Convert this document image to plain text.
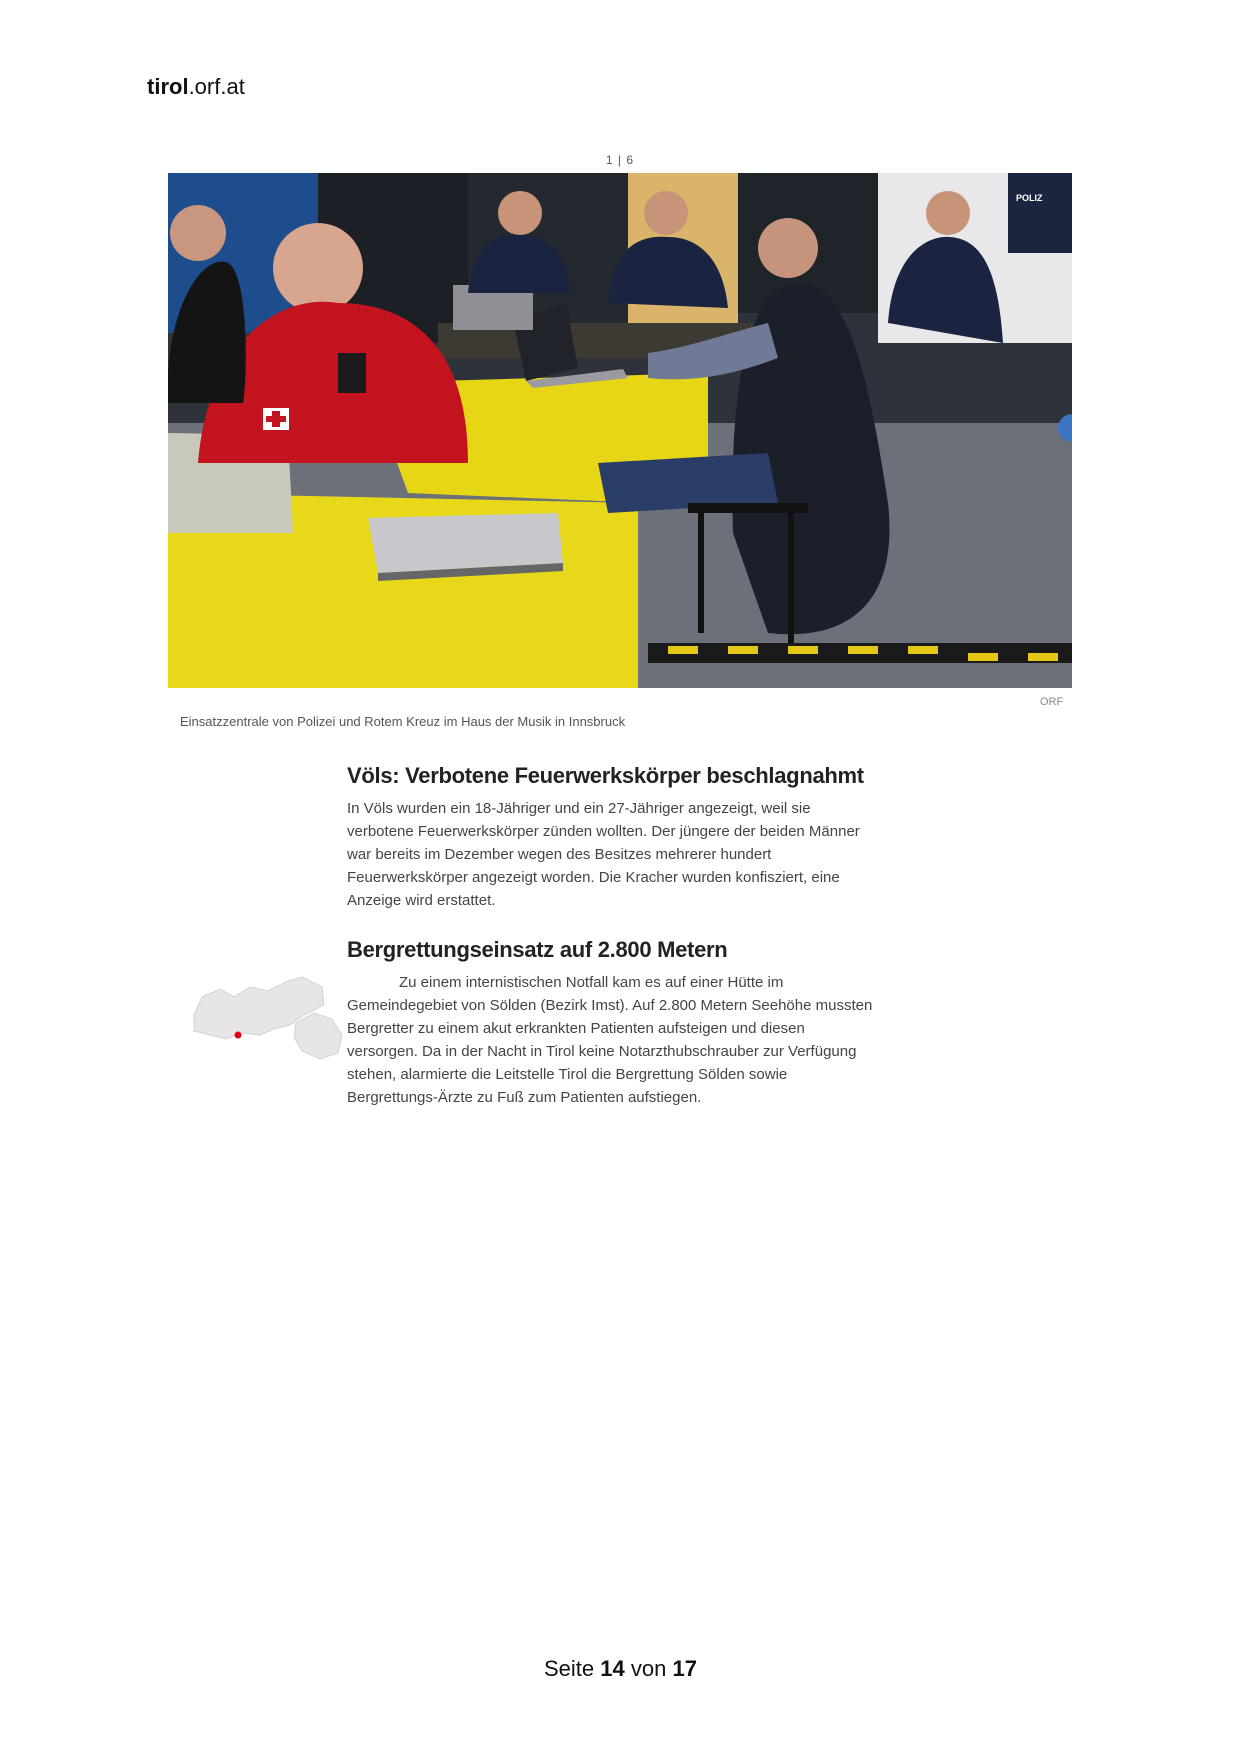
tirol.orf.at
1 | 6
POLIZ
ORF
Einsatzzentrale von Polizei und Rotem Kreuz im Haus der Musik in Innsbruck
Völs: Verbotene Feuerwerkskörper beschlagnahmt

In Völs wurden ein 18-Jähriger und ein 27-Jähriger angezeigt, weil sie verbotene Feuerwerkskörper zünden wollten. Der jüngere der beiden Männer war bereits im Dezember wegen des Besitzes mehrerer hundert Feuerwerkskörper angezeigt worden. Die Kracher wurden konfisziert, eine Anzeige wird erstattet.

Bergrettungseinsatz auf 2.800 Metern

Zu einem internistischen Notfall kam es auf einer Hütte im Gemeindegebiet von Sölden (Bezirk Imst). Auf 2.800 Metern Seehöhe mussten Bergretter zu einem akut erkrankten Patienten aufsteigen und diesen versorgen. Da in der Nacht in Tirol keine Notarzthubschrauber zur Verfügung stehen, alarmierte die Leitstelle Tirol die Bergrettung Sölden sowie Bergrettungs-Ärzte zu Fuß zum Patienten aufstiegen.

Seite 14 von 17
